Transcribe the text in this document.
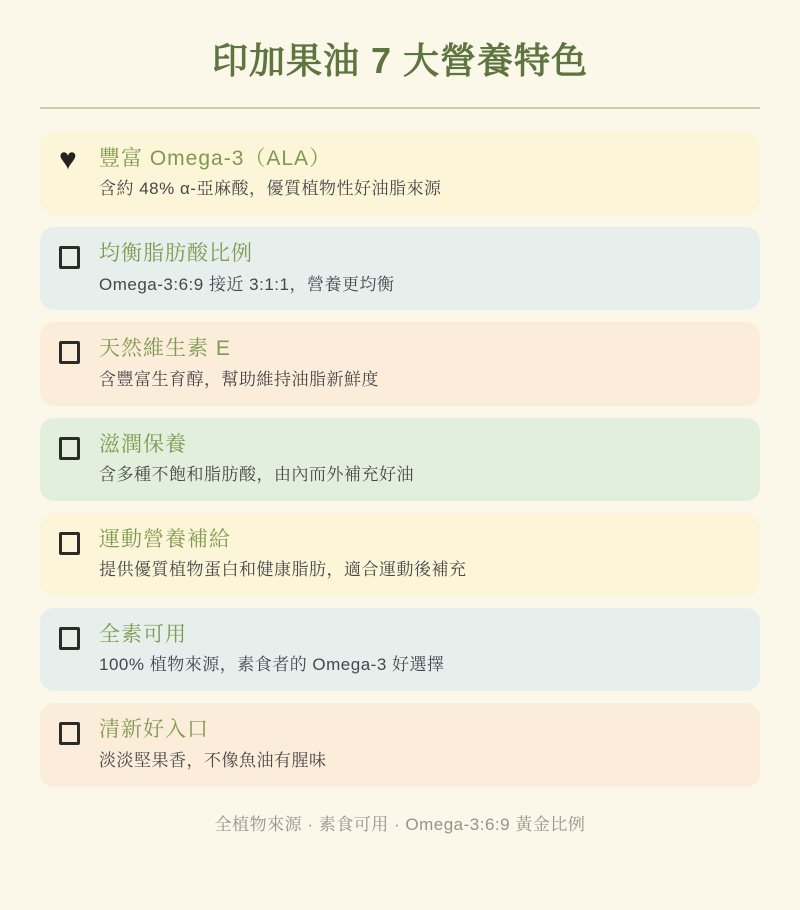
印加果油 7 大營養特色
♥ 豐富 Omega-3（ALA）
含約 48% α-亞麻酸，優質植物性好油脂來源
均衡脂肪酸比例
Omega-3:6:9 接近 3:1:1，營養更均衡
天然維生素 E
含豐富生育醇，幫助維持油脂新鮮度
滋潤保養
含多種不飽和脂肪酸，由內而外補充好油
運動營養補給
提供優質植物蛋白和健康脂肪，適合運動後補充
全素可用
100% 植物來源，素食者的 Omega-3 好選擇
清新好入口
淡淡堅果香，不像魚油有腥味
全植物來源 · 素食可用 · Omega-3:6:9 黃金比例
